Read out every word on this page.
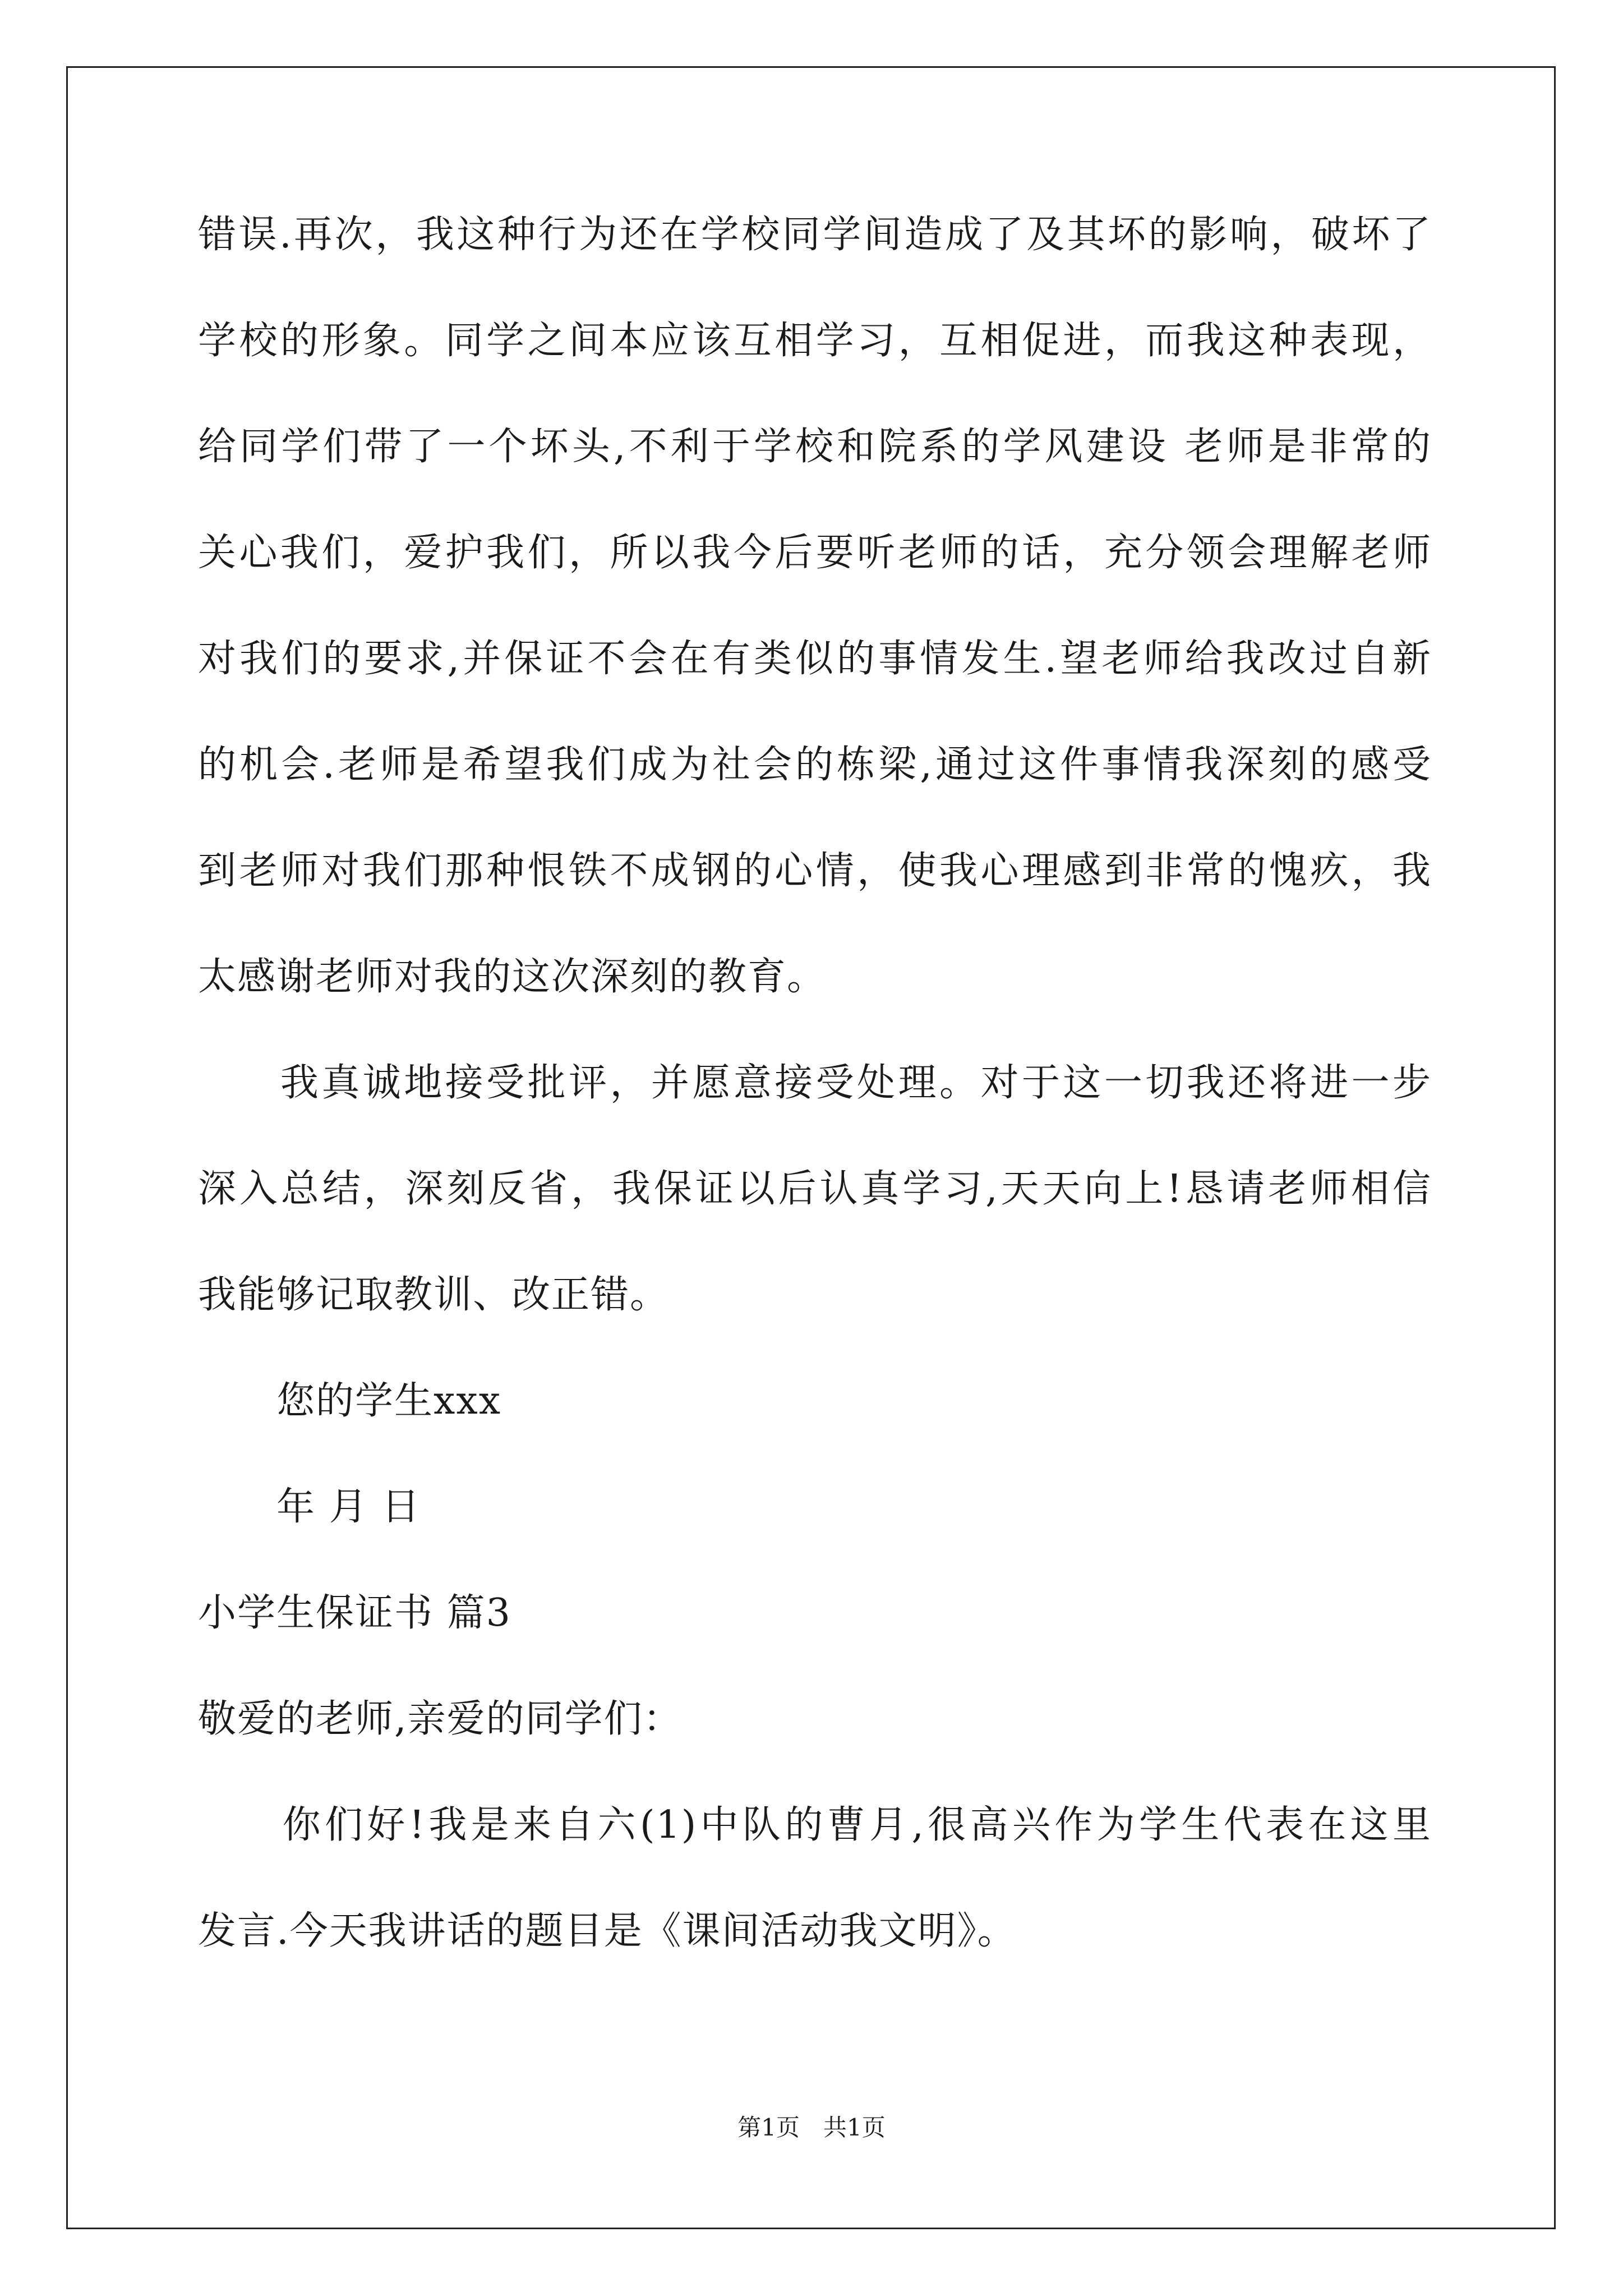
错误.再次，我这种行为还在学校同学间造成了及其坏的影响，破坏了
学校的形象。同学之间本应该互相学习，互相促进，而我这种表现，
给同学们带了一个坏头,不利于学校和院系的学风建设 老师是非常的
关心我们，爱护我们，所以我今后要听老师的话，充分领会理解老师
对我们的要求,并保证不会在有类似的事情发生.望老师给我改过自新
的机会.老师是希望我们成为社会的栋梁,通过这件事情我深刻的感受
到老师对我们那种恨铁不成钢的心情，使我心理感到非常的愧疚，我
太感谢老师对我的这次深刻的教育。
　　我真诚地接受批评，并愿意接受处理。对于这一切我还将进一步
深入总结，深刻反省，我保证以后认真学习,天天向上!恳请老师相信
我能够记取教训、改正错。
　　您的学生xxx
　　年 月 日
小学生保证书 篇3
敬爱的老师,亲爱的同学们：
　　你们好!我是来自六(1)中队的曹月,很高兴作为学生代表在这里
发言.今天我讲话的题目是《课间活动我文明》。
第1页　共1页
